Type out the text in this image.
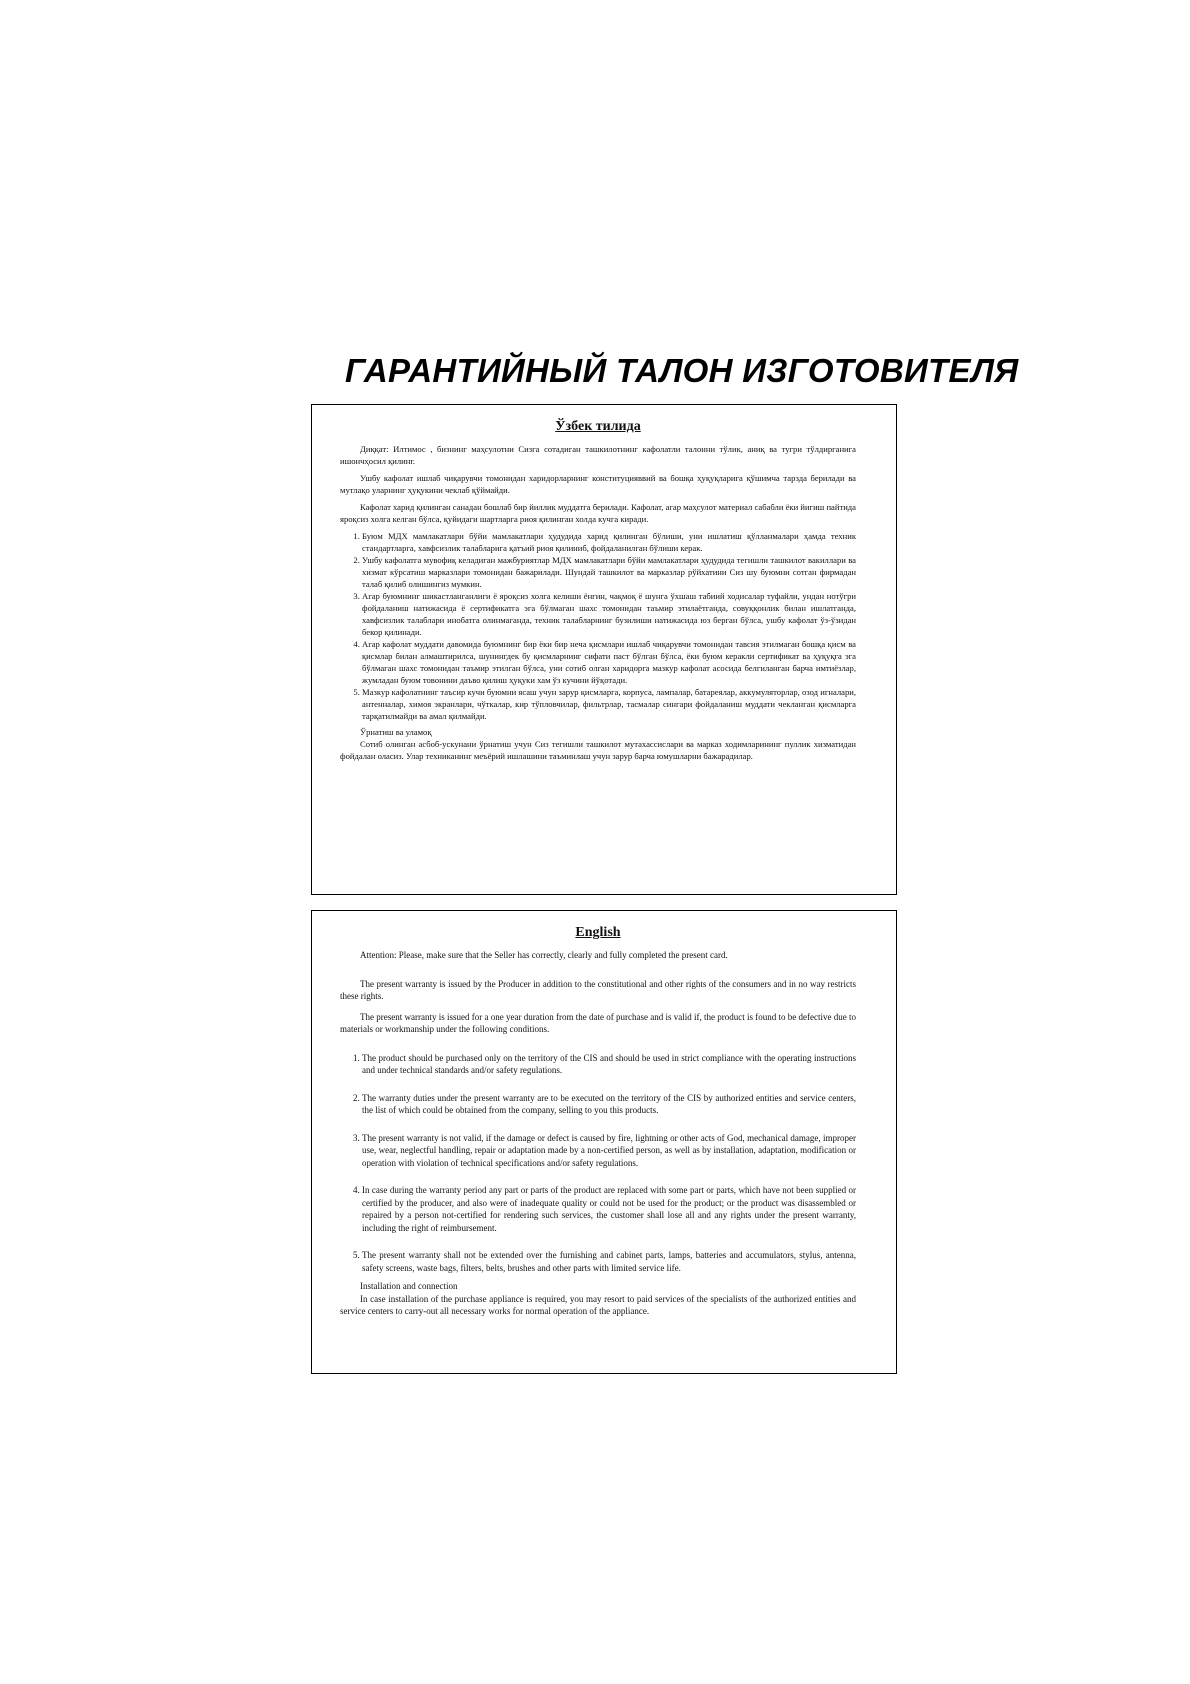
ГАРАНТИЙНЫЙ ТАЛОН ИЗГОТОВИТЕЛЯ
Ўзбек тилида

Диққат: Илтимос , бизнинг маҳсулотни Сизга сотадиган ташкилотнинг кафолатли талонни тўлик, аниқ ва тугри тўлдирганига ишончҳосил қилинг.

Ушбу кафолат ишлаб чиқарувчи томонидан харидорларнинг конституцияввий ва бошқа ҳуқуқларига қўшимча тарзда берилади ва мутлақо уларнинг ҳуқукини чеклаб қўймайди.

Кафолат харид қилинган санадан бошлаб бир йиллик муддатга берилади. Кафолат, агар маҳсулот материал сабабли ёки йигиш пайтида яроқсиз холга келган бўлса, қуйидаги шартларга риоя қилинган холда кучга киради.

1. Буюм МДХ мамлакатлари бўйи мамлакатлари ҳудудида харид қилинган бўлиши, уни ишлатиш қўлланмалари ҳамда техник стандартларга, хавфсизлик талабларига қатъий риоя қилиниб, фойдаланилган бўлиши керак.
2. Ушбу кафолатга мувофиқ келадиган мажбуриятлар МДХ мамлакатлари бўйи мамлакатлари ҳудудида тегишли ташкилот вакиллари ва хизмат кўрсатиш марказлари томонидан бажарилади. Шундай ташкилот ва марказлар рўйхатини Сиз шу буюмни сотган фирмадан талаб қилиб олишингиз мумкин.
3. Агар буюмнинг шикастланганлиги ё яроқсиз холга келиши ёнгин, чақмоқ ё шунга ўхшаш табиий ходисалар туфайли, ундан нотўгри фойдаланиш натижасида ё сертификатга эга бўлмаган шахс томонидан таъмир этилаётганда, совуққонлик билан ишлатганда, хавфсизлик талаблари инобатга олинмаганда, техник талабларнинг бузилиши натижасида юз берган бўлса, ушбу кафолат ўз-ўзидан бекор қилинади.
4. Агар кафолат муддати давомида буюмнинг бир ёки бир неча қисмлари ишлаб чиқарувчи томонидан тавсия этилмаган бошқа қисм ва қисмлар билан алмаштирилса, шунингдек бу қисмларнинг сифати паст бўлган бўлса, ёки буюм керакли сертификат ва ҳуқуқга эга бўлмаган шахс томонидан таъмир этилган бўлса, уни сотиб олган харидорга мазкур кафолат асосида белгиланган барча имтиёзлар, жумладан буюм товонини даъво қилиш ҳуқуки хам ўз кучини йўқотади.
5. Мазкур кафолатнинг таъсир кучи буюмни ясаш учун зарур қисмларга, корпуса, лампалар, батареялар, аккумуляторлар, озод игналари, антенналар, химоя экранлари, чўткалар, кир тўпловчилар, фильтрлар, тасмалар сингари фойдаланиш муддати чекланган қисмларга тарқатилмайди ва амал қилмайди.

Ўрнатиш ва уламоқ

Сотиб олинган асбоб-ускунани ўрнатиш учун Сиз тегишли ташкилот мутахассислари ва марказ ходимларининг пуллик хизматидан фойдалан оласиз. Улар техниканинг меъёрий ишлашини таъминлаш учун зарур барча юмушларни бажарадилар.

English

Attention: Please, make sure that the Seller has correctly, clearly and fully completed the present card.

The present warranty is issued by the Producer in addition to the constitutional and other rights of the consumers and in no way restricts these rights.

The present warranty is issued for a one year duration from the date of purchase and is valid if, the product is found to be defective due to materials or workmanship under the following conditions.

1. The product should be purchased only on the territory of the CIS and should be used in strict compliance with the operating instructions and under technical standards and/or safety regulations.
2. The warranty duties under the present warranty are to be executed on the territory of the CIS by authorized entities and service centers, the list of which could be obtained from the company, selling to you this products.
3. The present warranty is not valid, if the damage or defect is caused by fire, lightning or other acts of God, mechanical damage, improper use, wear, neglectful handling, repair or adaptation made by a non-certified person, as well as by installation, adaptation, modification or operation with violation of technical specifications and/or safety regulations.
4. In case during the warranty period any part or parts of the product are replaced with some part or parts, which have not been supplied or certified by the producer, and also were of inadequate quality or could not be used for the product; or the product was disassembled or repaired by a person not-certified for rendering such services, the customer shall lose all and any rights under the present warranty, including the right of reimbursement.
5. The present warranty shall not be extended over the furnishing and cabinet parts, lamps, batteries and accumulators, stylus, antenna, safety screens, waste bags, filters, belts, brushes and other parts with limited service life.

Installation and connection

In case installation of the purchase appliance is required, you may resort to paid services of the specialists of the authorized entities and service centers to carry-out all necessary works for normal operation of the appliance.
